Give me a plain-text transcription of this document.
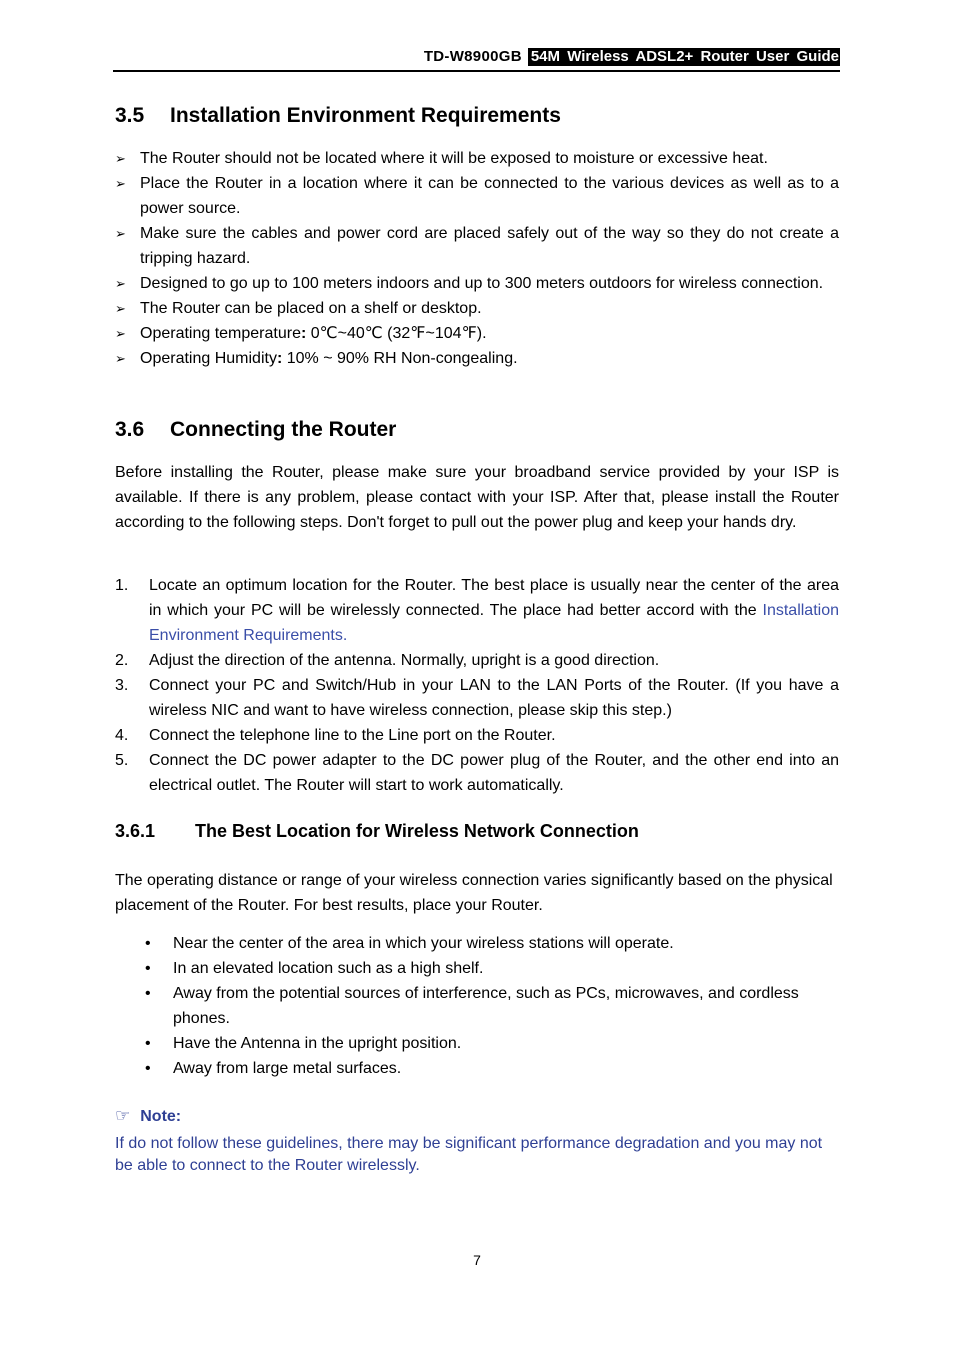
TD-W8900GB 54M Wireless ADSL2+ Router User Guide
3.5 Installation Environment Requirements
➢ The Router should not be located where it will be exposed to moisture or excessive heat.
➢ Place the Router in a location where it can be connected to the various devices as well as to a power source.
➢ Make sure the cables and power cord are placed safely out of the way so they do not create a tripping hazard.
➢ Designed to go up to 100 meters indoors and up to 300 meters outdoors for wireless connection.
➢ The Router can be placed on a shelf or desktop.
➢ Operating temperature: 0℃~40℃ (32℉~104℉).
➢ Operating Humidity: 10% ~ 90% RH Non-congealing.
3.6 Connecting the Router
Before installing the Router, please make sure your broadband service provided by your ISP is available. If there is any problem, please contact with your ISP. After that, please install the Router according to the following steps. Don't forget to pull out the power plug and keep your hands dry.
1. Locate an optimum location for the Router. The best place is usually near the center of the area in which your PC will be wirelessly connected. The place had better accord with the Installation Environment Requirements.
2. Adjust the direction of the antenna. Normally, upright is a good direction.
3. Connect your PC and Switch/Hub in your LAN to the LAN Ports of the Router. (If you have a wireless NIC and want to have wireless connection, please skip this step.)
4. Connect the telephone line to the Line port on the Router.
5. Connect the DC power adapter to the DC power plug of the Router, and the other end into an electrical outlet. The Router will start to work automatically.
3.6.1 The Best Location for Wireless Network Connection
The operating distance or range of your wireless connection varies significantly based on the physical placement of the Router. For best results, place your Router.
• Near the center of the area in which your wireless stations will operate.
• In an elevated location such as a high shelf.
• Away from the potential sources of interference, such as PCs, microwaves, and cordless phones.
• Have the Antenna in the upright position.
• Away from large metal surfaces.
☞ Note:
If do not follow these guidelines, there may be significant performance degradation and you may not be able to connect to the Router wirelessly.
7
